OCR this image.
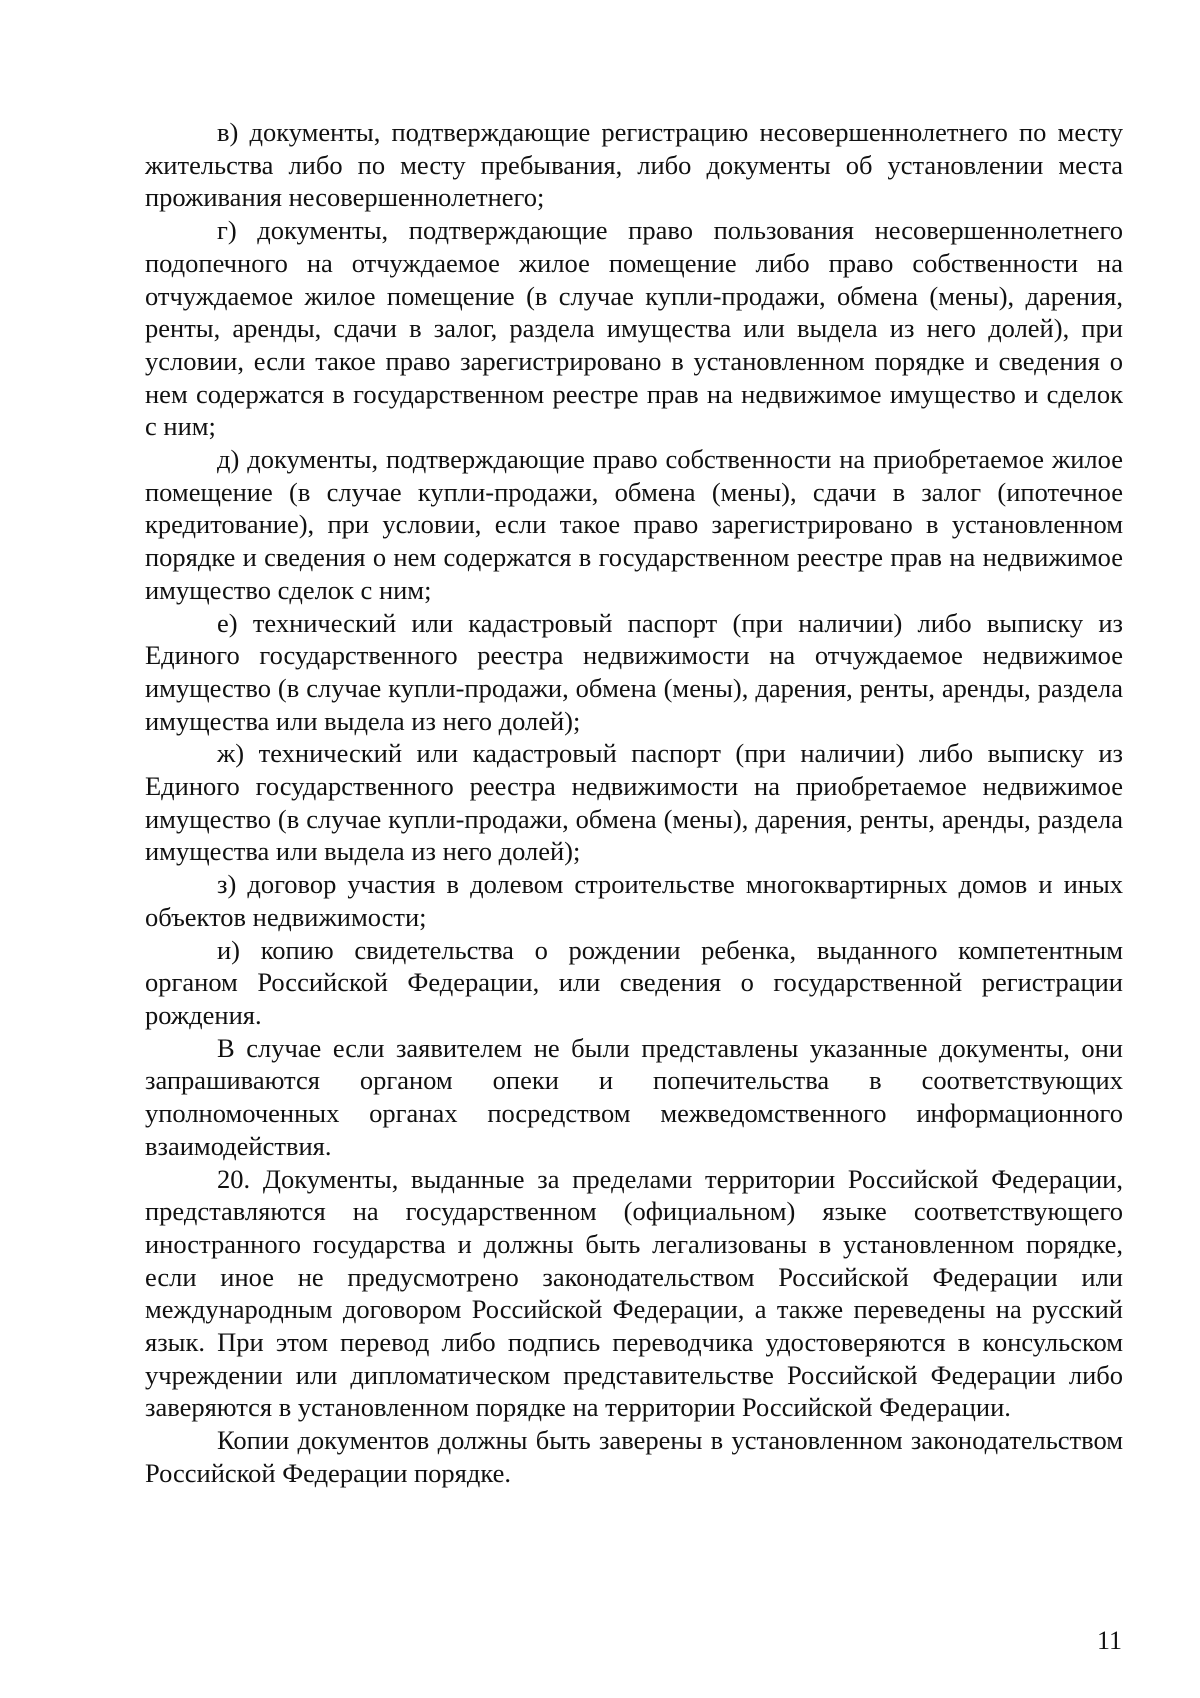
в) документы, подтверждающие регистрацию несовершеннолетнего по месту жительства либо по месту пребывания, либо документы об установлении места проживания несовершеннолетнего;

г) документы, подтверждающие право пользования несовершеннолетнего подопечного на отчуждаемое жилое помещение либо право собственности на отчуждаемое жилое помещение (в случае купли-продажи, обмена (мены), дарения, ренты, аренды, сдачи в залог, раздела имущества или выдела из него долей), при условии, если такое право зарегистрировано в установленном порядке и сведения о нем содержатся в государственном реестре прав на недвижимое имущество и сделок с ним;

д) документы, подтверждающие право собственности на приобретаемое жилое помещение (в случае купли-продажи, обмена (мены), сдачи в залог (ипотечное кредитование), при условии, если такое право зарегистрировано в установленном порядке и сведения о нем содержатся в государственном реестре прав на недвижимое имущество сделок с ним;

е) технический или кадастровый паспорт (при наличии) либо выписку из Единого государственного реестра недвижимости на отчуждаемое недвижимое имущество (в случае купли-продажи, обмена (мены), дарения, ренты, аренды, раздела имущества или выдела из него долей);

ж) технический или кадастровый паспорт (при наличии) либо выписку из Единого государственного реестра недвижимости на приобретаемое недвижимое имущество (в случае купли-продажи, обмена (мены), дарения, ренты, аренды, раздела имущества или выдела из него долей);

з) договор участия в долевом строительстве многоквартирных домов и иных объектов недвижимости;

и) копию свидетельства о рождении ребенка, выданного компетентным органом Российской Федерации, или сведения о государственной регистрации рождения.

В случае если заявителем не были представлены указанные документы, они запрашиваются органом опеки и попечительства в соответствующих уполномоченных органах посредством межведомственного информационного взаимодействия.

20. Документы, выданные за пределами территории Российской Федерации, представляются на государственном (официальном) языке соответствующего иностранного государства и должны быть легализованы в установленном порядке, если иное не предусмотрено законодательством Российской Федерации или международным договором Российской Федерации, а также переведены на русский язык. При этом перевод либо подпись переводчика удостоверяются в консульском учреждении или дипломатическом представительстве Российской Федерации либо заверяются в установленном порядке на территории Российской Федерации.

Копии документов должны быть заверены в установленном законодательством Российской Федерации порядке.

11
